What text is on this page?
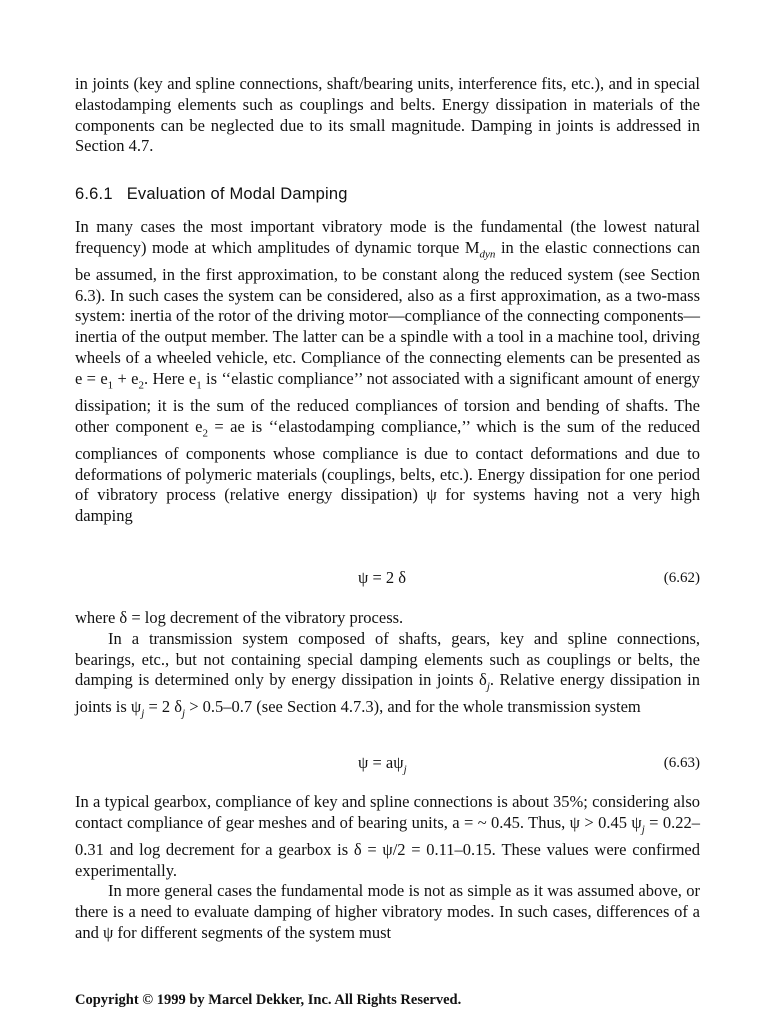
in joints (key and spline connections, shaft/bearing units, interference fits, etc.), and in special elastodamping elements such as couplings and belts. Energy dissipation in materials of the components can be neglected due to its small magnitude. Damping in joints is addressed in Section 4.7.

6.6.1 Evaluation of Modal Damping

In many cases the most important vibratory mode is the fundamental (the lowest natural frequency) mode at which amplitudes of dynamic torque $M_{dyn}$ in the elastic connections can be assumed, in the first approximation, to be constant along the reduced system (see Section 6.3). In such cases the system can be considered, also as a first approximation, as a two-mass system: inertia of the rotor of the driving motor—compliance of the connecting components—inertia of the output member. The latter can be a spindle with a tool in a machine tool, driving wheels of a wheeled vehicle, etc. Compliance of the connecting elements can be presented as $e = e_1 + e_2$. Here $e_1$ is ‘‘elastic compliance’’ not associated with a significant amount of energy dissipation; it is the sum of the reduced compliances of torsion and bending of shafts. The other component $e_2$ = ae is ‘‘elastodamping compliance,’’ which is the sum of the reduced compliances of components whose compliance is due to contact deformations and due to deformations of polymeric materials (couplings, belts, etc.). Energy dissipation for one period of vibratory process (relative energy dissipation) ψ for systems having not a very high damping

ψ = 2 δ	(6.62)

where δ = log decrement of the vibratory process.

In a transmission system composed of shafts, gears, key and spline connections, bearings, etc., but not containing special damping elements such as couplings or belts, the damping is determined only by energy dissipation in joints $\delta_j$. Relative energy dissipation in joints is $\psi_j = 2$ $\delta_j > 0.5-0.7$ (see Section 4.7.3), and for the whole transmission system

$\psi = a\psi_j$	(6.63)

In a typical gearbox, compliance of key and spline connections is about 35%; considering also contact compliance of gear meshes and of bearing units, a = ~ 0.45. Thus, ψ > 0.45 $\psi_j = 0.22-0.31$ and log decrement for a gearbox is δ = ψ/2 = 0.11–0.15. These values were confirmed experimentally.

In more general cases the fundamental mode is not as simple as it was assumed above, or there is a need to evaluate damping of higher vibratory modes. In such cases, differences of a and ψ for different segments of the system must

Copyright © 1999 by Marcel Dekker, Inc. All Rights Reserved.
